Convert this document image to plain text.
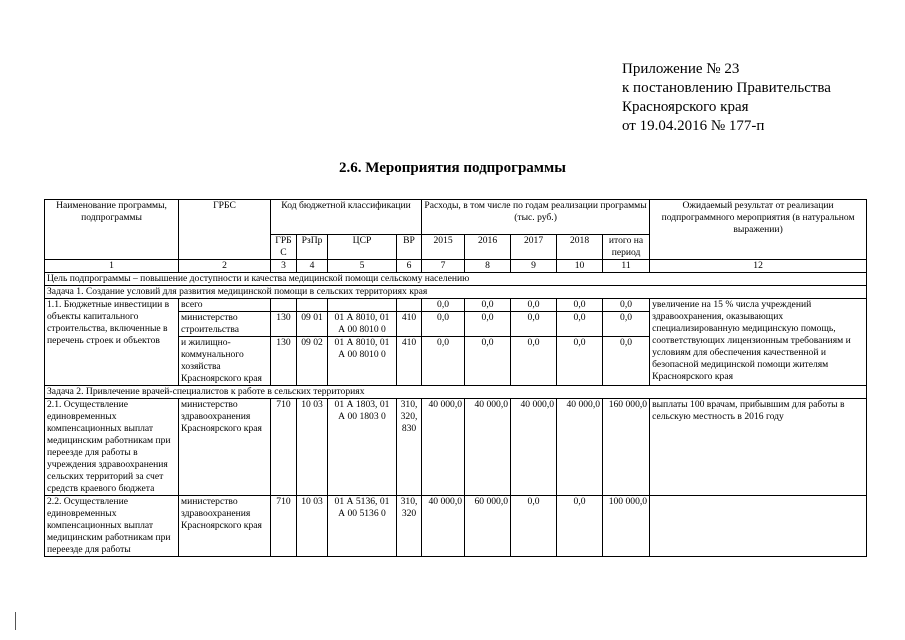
Приложение № 23
к постановлению Правительства
Красноярского края
от 19.04.2016 № 177-п
2.6. Мероприятия подпрограммы
Наименование программы, подпрограммы	ГРБС	Код бюджетной классификации				Расходы, в том числе по годам реализации программы (тыс. руб.)					Ожидаемый результат от реализации подпрограммного мероприятия (в натуральном выражении)
		ГРБС	РзПр	ЦСР	ВР	2015	2016	2017	2018	итого на период	
1	2	3	4	5	6	7	8	9	10	11	12
Цель подпрограммы – повышение доступности и качества медицинской помощи сельскому населению											
Задача 1. Создание условий для развития медицинской помощи в сельских территориях края											
1.1. Бюджетные инвестиции в объекты капитального строительства, включенные в перечень строек и объектов	всего					0,0	0,0	0,0	0,0	0,0	увеличение на 15 % числа учреждений здравоохранения, оказывающих специализированную медицинскую помощь, соответствующих лицензионным требованиям и условиям для обеспечения качественной и безопасной медицинской помощи жителям Красноярского края
	министерство строительства	130	09 01	01 А 8010, 01 А 00 8010 0	410	0,0	0,0	0,0	0,0	0,0	
	и жилищно-коммунального хозяйства Красноярского края	130	09 02	01 А 8010, 01 А 00 8010 0	410	0,0	0,0	0,0	0,0	0,0	
Задача 2. Привлечение врачей-специалистов к работе в сельских территориях											
2.1. Осуществление единовременных компенсационных выплат медицинским работникам при переезде для работы в учреждения здравоохранения сельских территорий за счет средств краевого бюджета	министерство здравоохранения Красноярского края	710	10 03	01 А 1803, 01 А 00 1803 0	310, 320, 830	40 000,0	40 000,0	40 000,0	40 000,0	160 000,0	выплаты 100 врачам, прибывшим для работы в сельскую местность в 2016 году
2.2. Осуществление единовременных компенсационных выплат медицинским работникам при переезде для работы	министерство здравоохранения Красноярского края	710	10 03	01 А 5136, 01 А 00 5136 0	310, 320	40 000,0	60 000,0	0,0	0,0	100 000,0	
